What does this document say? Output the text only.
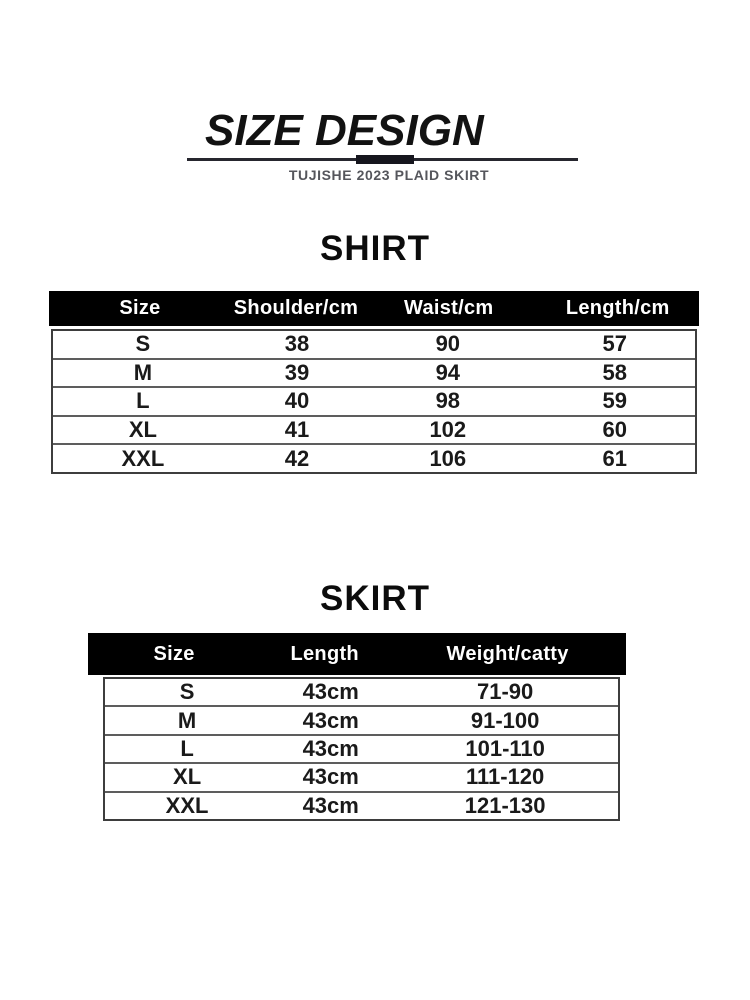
SIZE DESIGN
TUJISHE 2023 PLAID SKIRT
SHIRT
Size	Shoulder/cm	Waist/cm	Length/cm
S	38	90	57
M	39	94	58
L	40	98	59
XL	41	102	60
XXL	42	106	61
SKIRT
Size	Length	Weight/catty
S	43cm	71-90
M	43cm	91-100
L	43cm	101-110
XL	43cm	111-120
XXL	43cm	121-130
